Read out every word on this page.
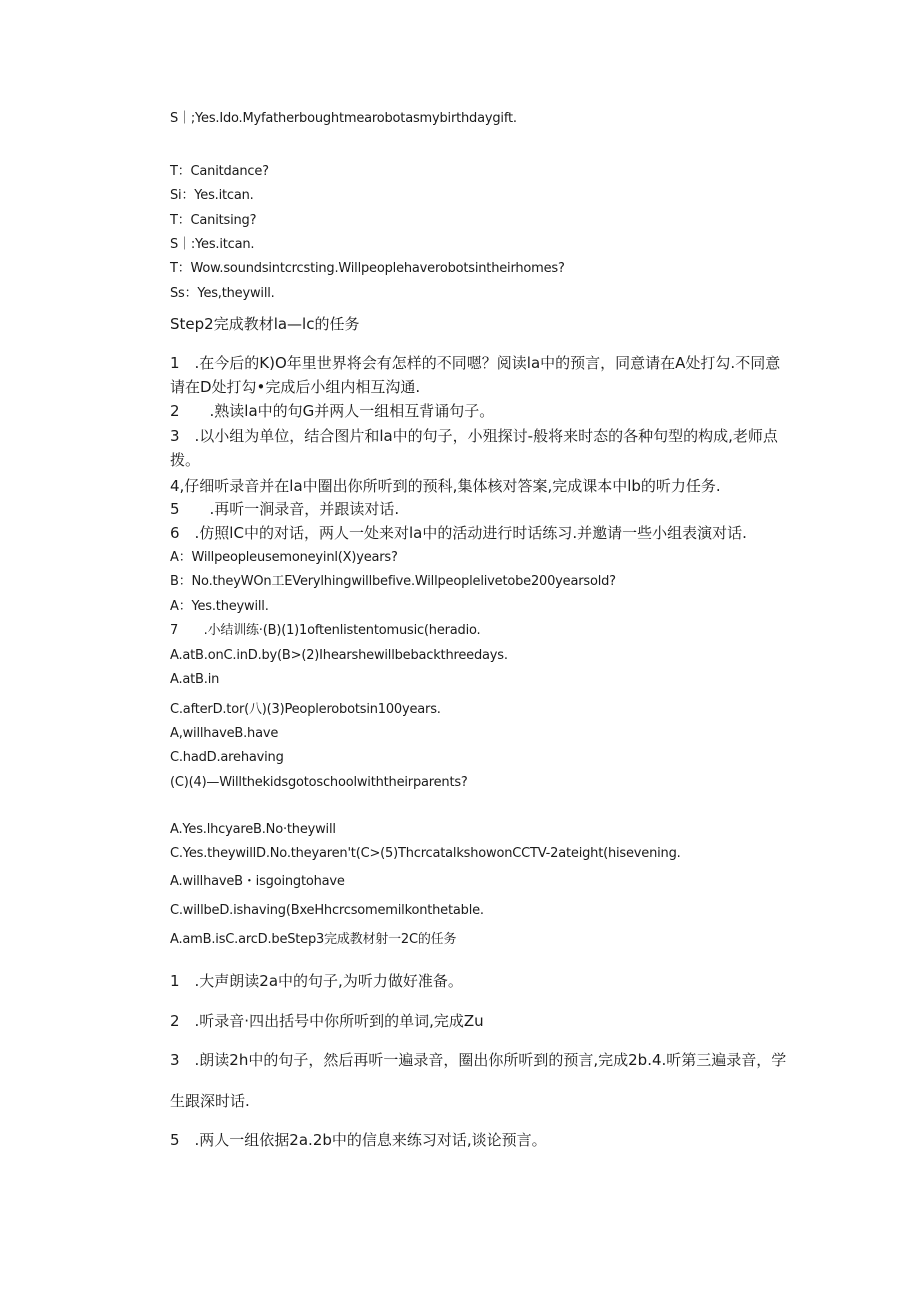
S｜;Yes.Ido.Myfatherboughtmearobotasmybirthdaygift.
T：Canitdance?
Si：Yes.itcan.
T：Canitsing?
S｜:Yes.itcan.
T：Wow.soundsintcrcsting.Willpeoplehaverobotsintheirhomes?
Ss：Yes,theywill.
Step2完成教材la—lc的任务
1　.在今后的K)O年里世界将会有怎样的不同嗯？阅读la中的预言，同意请在A处打勾.不同意请在D处打勾•完成后小组内相互沟通.
2　　.熟读la中的句G并两人一组相互背诵句子。
3　.以小组为单位，结合图片和la中的句子，小殂探讨-般将来时态的各种句型的构成,老师点拨。
4,仔细听录音并在la中圈出你所听到的预科,集体核对答案,完成课本中lb的听力任务.
5　　.再听一涧录音，并跟读对话.
6　.仿照lC中的对话，两人一处来对la中的活动进行时话练习.并邀请一些小组表演对话.
A：Willpeopleusemoneyinl(X)years?
B：No.theyWOn工EVerylhingwillbefive.Willpeoplelivetobe200yearsold?
A：Yes.theywill.
7　　.小结训练·(B)(1)1oftenlistentomusic(heradio.
A.atB.onC.inD.by(B>(2)Ihearshewillbebackthreedays.
A.atB.in
C.afterD.tor(八)(3)Peoplerobotsin100years.
A,willhaveB.have
C.hadD.arehaving
(C)(4)—Willthekidsgotoschoolwiththeirparents?
A.Yes.lhcyareB.No·theywill
C.Yes.theywillD.No.theyaren't(C>(5)ThcrcatalkshowonCCTV-2ateight(hisevening.
A.willhaveB・isgoingtohave
C.willbeD.ishaving(BxeHhcrcsomemilkonthetable.
A.amB.isC.arcD.beStep3完成教材射一2C的任务
1　.大声朗读2a中的句子,为听力做好准备。
2　.听录音·四出括号中你所听到的单词,完成Zu
3　.朗读2h中的句子，然后再听一遍录音，圈出你所听到的预言,完成2b.4.听第三遍录音，学
生跟深时话.
5　.两人一组依据2a.2b中的信息来练习对话,谈论预言。
